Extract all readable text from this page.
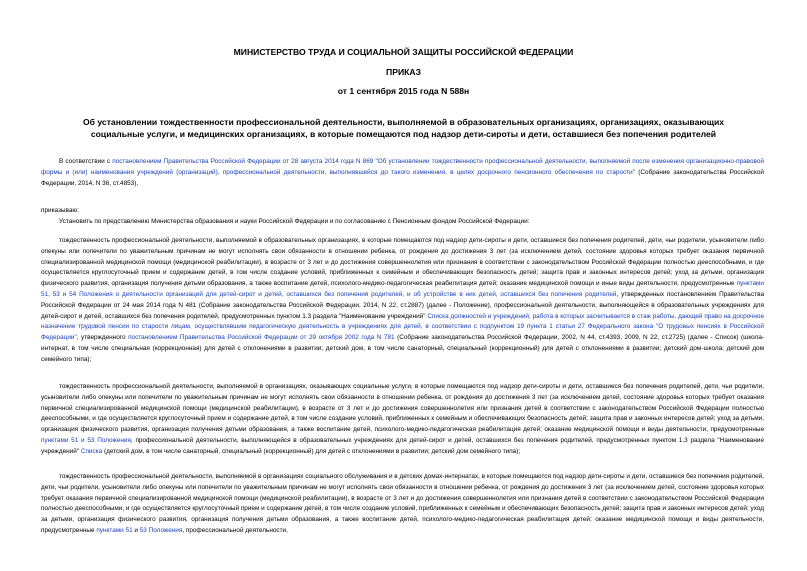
МИНИСТЕРСТВО ТРУДА И СОЦИАЛЬНОЙ ЗАЩИТЫ РОССИЙСКОЙ ФЕДЕРАЦИИ
ПРИКАЗ
от 1 сентября 2015 года N 588н
Об установлении тождественности профессиональной деятельности, выполняемой в образовательных организациях, организациях, оказывающих социальные услуги, и медицинских организациях, в которые помещаются под надзор дети-сироты и дети, оставшиеся без попечения родителей
В соответствии с постановлением Правительства Российской Федерации от 28 августа 2014 года N 869 "Об установлении тождественности профессиональной деятельности, выполняемой после изменения организационно-правовой формы и (или) наименования учреждений (организаций), профессиональной деятельности, выполнявшейся до такого изменения, в целях досрочного пенсионного обеспечения по старости" (Собрание законодательства Российской Федерации, 2014, N 36, ст.4853),
приказываю:
Установить по представлению Министерства образования и науки Российской Федерации и по согласованию с Пенсионным фондом Российской Федерации:
тождественность профессиональной деятельности, выполняемой в образовательных организациях, в которые помещаются под надзор дети-сироты и дети, оставшиеся без попечения родителей, дети, чьи родители, усыновители либо опекуны или попечители по уважительным причинам не могут исполнять свои обязанности в отношении ребенка, от рождения до достижения 3 лет (за исключением детей, состояние здоровья которых требует оказания первичной специализированной медицинской помощи (медицинской реабилитации), в возрасте от 3 лет и до достижения совершеннолетия или признания в соответствии с законодательством Российской Федерации полностью дееспособными, и где осуществляется круглосуточный прием и содержание детей, в том числе создание условий, приближенных к семейным и обеспечивающих безопасность детей; защита прав и законных интересов детей; уход за детьми, организация физического развития, организация получения детьми образования, а также воспитание детей, психолого-медико-педагогическая реабилитация детей; оказание медицинской помощи и иные виды деятельности, предусмотренные пунктами 51, 53 и 54 Положения о деятельности организаций для детей-сирот и детей, оставшихся без попечения родителей, и об устройстве в них детей, оставшихся без попечения родителей, утвержденных постановлением Правительства Российской Федерации от 24 мая 2014 года N 481 (Собрание законодательства Российской Федерации, 2014, N 22, ст.2887) (далее - Положение), профессиональной деятельности, выполняющейся в образовательных учреждениях для детей-сирот и детей, оставшихся без попечения родителей, предусмотренных пунктом 1.3 раздела "Наименование учреждений" Списка должностей и учреждений, работа в которых засчитывается в стаж работы, дающей право на досрочное назначение трудовой пенсии по старости лицам, осуществлявшим педагогическую деятельность в учреждениях для детей, в соответствии с подпунктом 19 пункта 1 статьи 27 Федерального закона "О трудовых пенсиях в Российской Федерации", утвержденного постановлением Правительства Российской Федерации от 29 октября 2002 года N 781 (Собрание законодательства Российской Федерации, 2002, N 44, ст.4393, 2009, N 22, ст.2725) (далее - Список) (школа-интернат, в том числе специальная (коррекционная) для детей с отклонениями в развитии; детский дом, в том числе санаторный, специальный (коррекционный) для детей с отклонениями в развитии; детский дом-школа; детский дом семейного типа);
тождественность профессиональной деятельности, выполняемой в организациях, оказывающих социальные услуги, в которые помещаются под надзор дети-сироты и дети, оставшиеся без попечения родителей, дети, чьи родители, усыновители либо опекуны или попечители по уважительным причинам не могут исполнять свои обязанности в отношении ребенка, от рождения до достижения 3 лет (за исключением детей, состояние здоровья которых требует оказания первичной специализированной медицинской помощи (медицинской реабилитации), в возрасте от 3 лет и до достижения совершеннолетия или признания детей в соответствии с законодательством Российской Федерации полностью дееспособными, и где осуществляется круглосуточный прием и содержание детей, в том числе создание условий, приближенных к семейным и обеспечивающих безопасность детей; защита прав и законных интересов детей; уход за детьми, организация физического развития, организация получения детьми образования, а также воспитание детей, психолого-медико-педагогическая реабилитация детей; оказание медицинской помощи и виды деятельности, предусмотренные пунктами 51 и 53 Положения, профессиональной деятельности, выполняющейся в образовательных учреждениях для детей-сирот и детей, оставшихся без попечения родителей, предусмотренных пунктом 1.3 раздела "Наименование учреждений" Списка (детский дом, в том числе санаторный, специальный (коррекционный) для детей с отклонениями в развитии; детский дом семейного типа);
тождественность профессиональной деятельности, выполняемой в организациях социального обслуживания и в детских домах-интернатах, в которые помещаются под надзор дети-сироты и дети, оставшиеся без попечения родителей, дети, чьи родители, усыновители либо опекуны или попечители по уважительным причинам не могут исполнять свои обязанности в отношении ребенка, от рождения до достижения 3 лет (за исключением детей, состояние здоровья которых требует оказания первичной специализированной медицинской помощи (медицинской реабилитации), в возрасте от 3 лет и до достижения совершеннолетия или признания детей в соответствии с законодательством Российской Федерации полностью дееспособными, и где осуществляется круглосуточный прием и содержание детей, в том числе создание условий, приближенных к семейным и обеспечивающих безопасность детей; защита прав и законных интересов детей; уход за детьми, организация физического развития, организация получения детьми образования, а также воспитание детей, психолого-медико-педагогическая реабилитация детей; оказание медицинской помощи и виды деятельности, предусмотренные пунктами 51 и 53 Положения, профессиональной деятельности,
